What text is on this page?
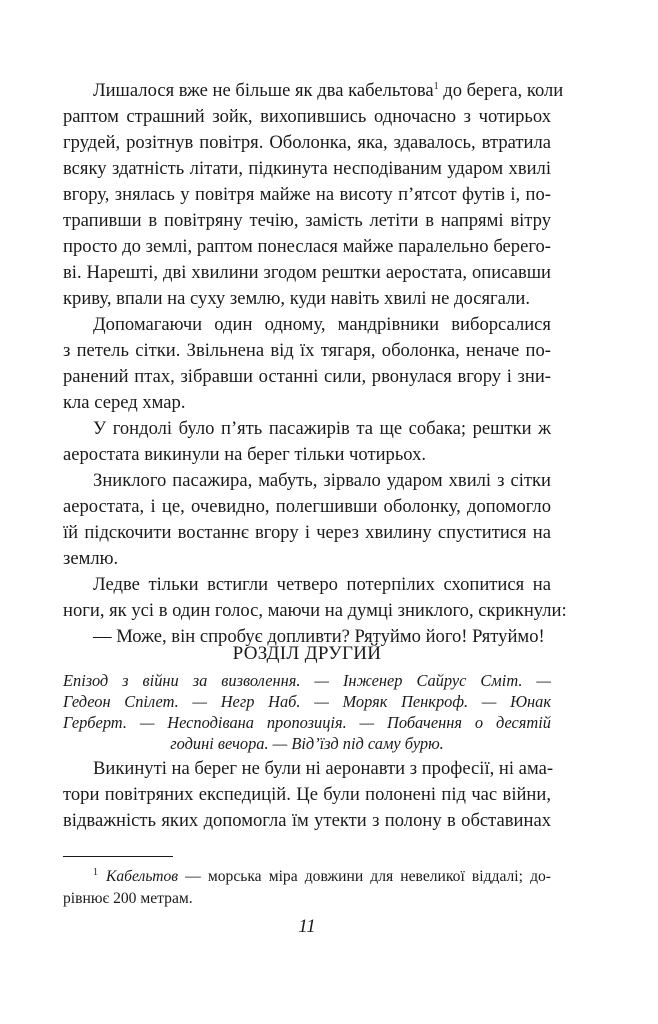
Лишалося вже не більше як два кабельтова$^1$ до берега, коли
раптом страшний зойк, вихопившись одночасно з чотирьох
грудей, розітнув повітря. Оболонка, яка, здавалось, втратила
всяку здатність літати, підкинута несподіваним ударом хвилі
вгору, знялась у повітря майже на висоту п’ятсот футів і, по-
трапивши в повітряну течію, замість летіти в напрямі вітру
просто до землі, раптом понеслася майже паралельно берего-
ві. Нарешті, дві хвилини згодом рештки аеростата, описавши
криву, впали на суху землю, куди навіть хвилі не досягали.

Допомагаючи один одному, мандрівники виборсалися
з петель сітки. Звільнена від їх тягаря, оболонка, неначе по-
ранений птах, зібравши останні сили, рвонулася вгору і зни-
кла серед хмар.

У гондолі було п’ять пасажирів та ще собака; рештки ж
аеростата викинули на берег тільки чотирьох.

Зниклого пасажира, мабуть, зірвало ударом хвилі з сітки
аеростата, і це, очевидно, полегшивши оболонку, допомогло
їй підскочити востаннє вгору і через хвилину спуститися на
землю.

Ледве тільки встигли четверо потерпілих схопитися на
ноги, як усі в один голос, маючи на думці зниклого, скрикнули:

— Може, він спробує допливти? Рятуймо його! Рятуймо!

РОЗДІЛ ДРУГИЙ
Епізод з війни за визволення. — Інженер Сайрус Сміт. —
Гедеон Спілет. — Негр Наб. — Моряк Пенкроф. — Юнак
Герберт. — Несподівана пропозиція. — Побачення о десятій
годині вечора. — Від’їзд під саму бурю.

Викинуті на берег не були ні аеронавти з професії, ні ама-
тори повітряних експедицій. Це були полонені під час війни,
відважність яких допомогла їм утекти з полону в обставинах

$^1$ Кабельтов — морська міра довжини для невеликої віддалі; до-
рівнює 200 метрам.
11
